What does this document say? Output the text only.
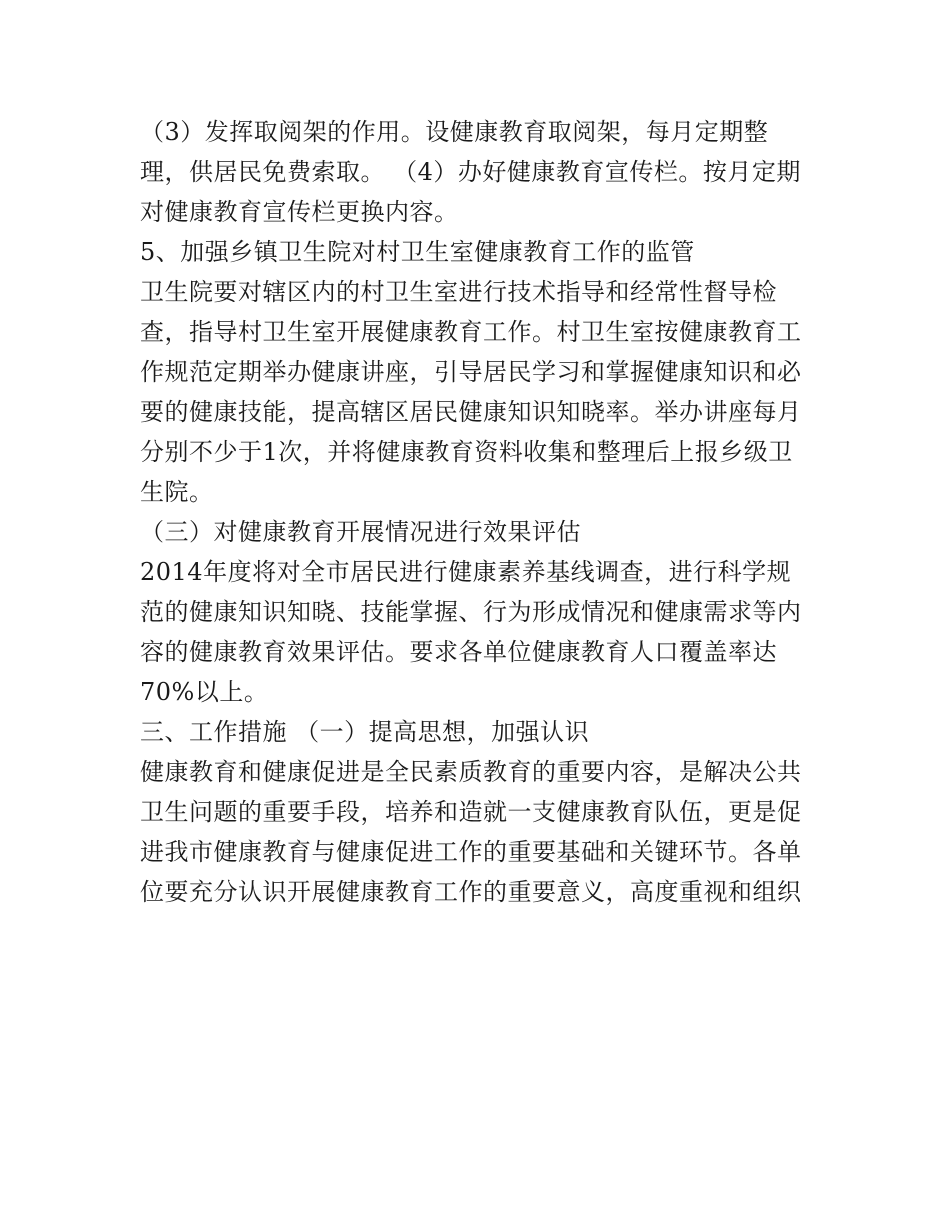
（3）发挥取阅架的作用。设健康教育取阅架，每月定期整
理，供居民免费索取。 （4）办好健康教育宣传栏。按月定期
对健康教育宣传栏更换内容。
5、加强乡镇卫生院对村卫生室健康教育工作的监管
卫生院要对辖区内的村卫生室进行技术指导和经常性督导检
查，指导村卫生室开展健康教育工作。村卫生室按健康教育工
作规范定期举办健康讲座，引导居民学习和掌握健康知识和必
要的健康技能，提高辖区居民健康知识知晓率。举办讲座每月
分别不少于1次，并将健康教育资料收集和整理后上报乡级卫
生院。
（三）对健康教育开展情况进行效果评估
2014年度将对全市居民进行健康素养基线调查，进行科学规
范的健康知识知晓、技能掌握、行为形成情况和健康需求等内
容的健康教育效果评估。要求各单位健康教育人口覆盖率达
70%以上。
三、工作措施 （一）提高思想，加强认识
健康教育和健康促进是全民素质教育的重要内容，是解决公共
卫生问题的重要手段，培养和造就一支健康教育队伍，更是促
进我市健康教育与健康促进工作的重要基础和关键环节。各单
位要充分认识开展健康教育工作的重要意义，高度重视和组织
